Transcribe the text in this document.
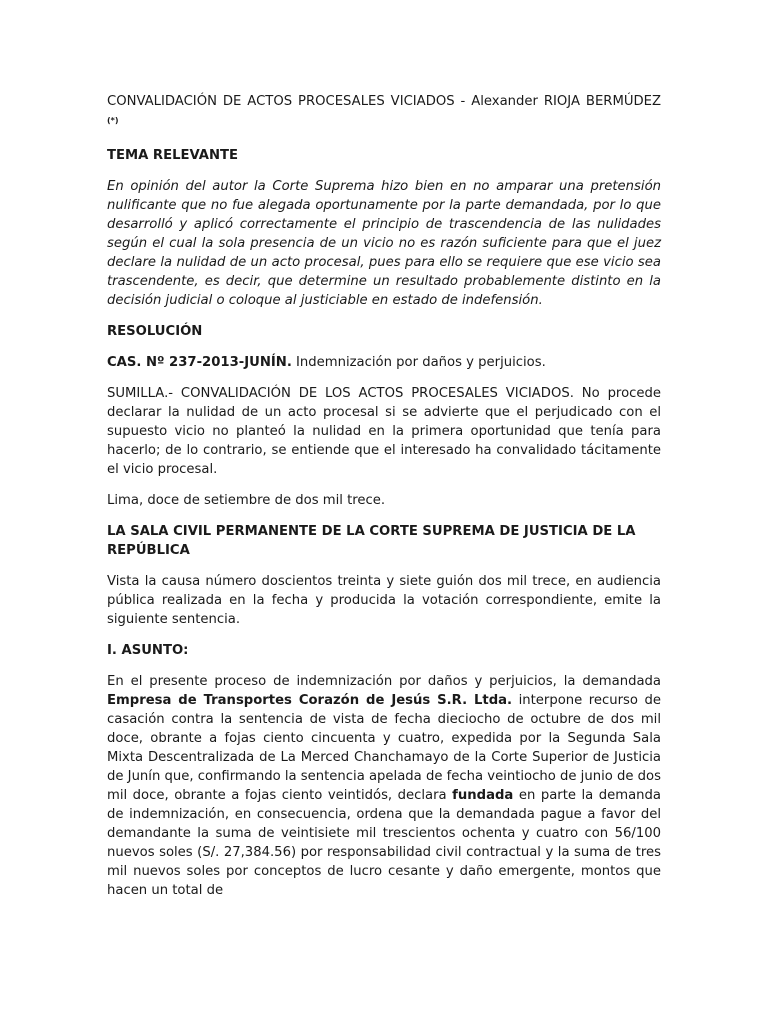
CONVALIDACIÓN DE ACTOS PROCESALES VICIADOS - Alexander RIOJA BERMÚDEZ (*)
TEMA RELEVANTE

En opinión del autor la Corte Suprema hizo bien en no amparar una pretensión nulificante que no fue alegada oportunamente por la parte demandada, por lo que desarrolló y aplicó correctamente el principio de trascendencia de las nulidades según el cual la sola presencia de un vicio no es razón suficiente para que el juez declare la nulidad de un acto procesal, pues para ello se requiere que ese vicio sea trascendente, es decir, que determine un resultado probablemente distinto en la decisión judicial o coloque al justiciable en estado de indefensión.

RESOLUCIÓN

CAS. Nº 237-2013-JUNÍN. Indemnización por daños y perjuicios.

SUMILLA.- CONVALIDACIÓN DE LOS ACTOS PROCESALES VICIADOS. No procede declarar la nulidad de un acto procesal si se advierte que el perjudicado con el supuesto vicio no planteó la nulidad en la primera oportunidad que tenía para hacerlo; de lo contrario, se entiende que el interesado ha convalidado tácitamente el vicio procesal.

Lima, doce de setiembre de dos mil trece.

LA SALA CIVIL PERMANENTE DE LA CORTE SUPREMA DE JUSTICIA DE LA REPÚBLICA

Vista la causa número doscientos treinta y siete guión dos mil trece, en audiencia pública realizada en la fecha y producida la votación correspondiente, emite la siguiente sentencia.

I. ASUNTO:

En el presente proceso de indemnización por daños y perjuicios, la demandada Empresa de Transportes Corazón de Jesús S.R. Ltda. interpone recurso de casación contra la sentencia de vista de fecha dieciocho de octubre de dos mil doce, obrante a fojas ciento cincuenta y cuatro, expedida por la Segunda Sala Mixta Descentralizada de La Merced Chanchamayo de la Corte Superior de Justicia de Junín que, confirmando la sentencia apelada de fecha veintiocho de junio de dos mil doce, obrante a fojas ciento veintidós, declara fundada en parte la demanda de indemnización, en consecuencia, ordena que la demandada pague a favor del demandante la suma de veintisiete mil trescientos ochenta y cuatro con 56/100 nuevos soles (S/. 27,384.56) por responsabilidad civil contractual y la suma de tres mil nuevos soles por conceptos de lucro cesante y daño emergente, montos que hacen un total de
